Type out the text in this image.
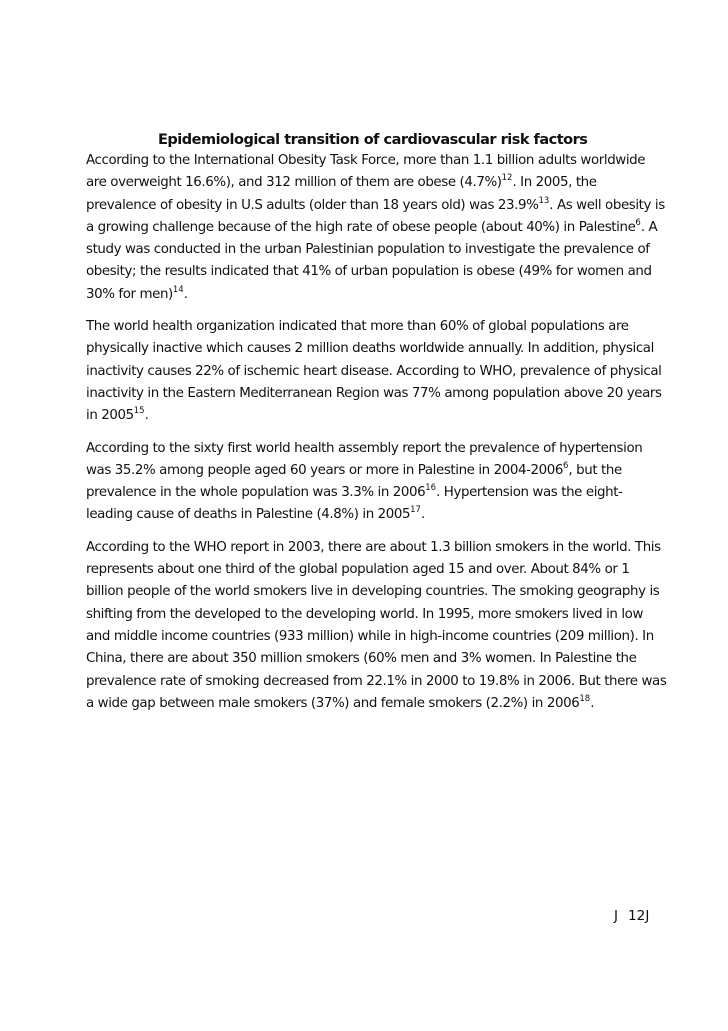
Epidemiological transition of cardiovascular risk factors

According to the International Obesity Task Force, more than 1.1 billion adults worldwide are overweight 16.6%), and 312 million of them are obese $(4.7\%)^{12}$. In 2005, the prevalence of obesity in U.S adults (older than 18 years old) was 23.9%$^{13}$. As well obesity is a growing challenge because of the high rate of obese people (about 40%) in Palestine$^6$. A study was conducted in the urban Palestinian population to investigate the prevalence of obesity; the results indicated that 41% of urban population is obese (49% for women and 30% for men)$^{14}$.

The world health organization indicated that more than 60% of global populations are physically inactive which causes 2 million deaths worldwide annually. In addition, physical inactivity causes 22% of ischemic heart disease. According to WHO, prevalence of physical inactivity in the Eastern Mediterranean Region was 77% among population above 20 years in 2005$^{15}$.

According to the sixty first world health assembly report the prevalence of hypertension was 35.2% among people aged 60 years or more in Palestine in 2004-2006$^6$, but the prevalence in the whole population was 3.3% in 2006$^{16}$. Hypertension was the eight-leading cause of deaths in Palestine (4.8%) in 2005$^{17}$.

According to the WHO report in 2003, there are about 1.3 billion smokers in the world. This represents about one third of the global population aged 15 and over. About 84% or 1 billion people of the world smokers live in developing countries. The smoking geography is shifting from the developed to the developing world. In 1995, more smokers lived in low and middle income countries (933 million) while in high-income countries (209 million). In China, there are about 350 million smokers (60% men and 3% women. In Palestine the prevalence rate of smoking decreased from 22.1% in 2000 to 19.8% in 2006. But there was a wide gap between male smokers (37%) and female smokers (2.2%) in 2006$^{18}$.

J 12J
